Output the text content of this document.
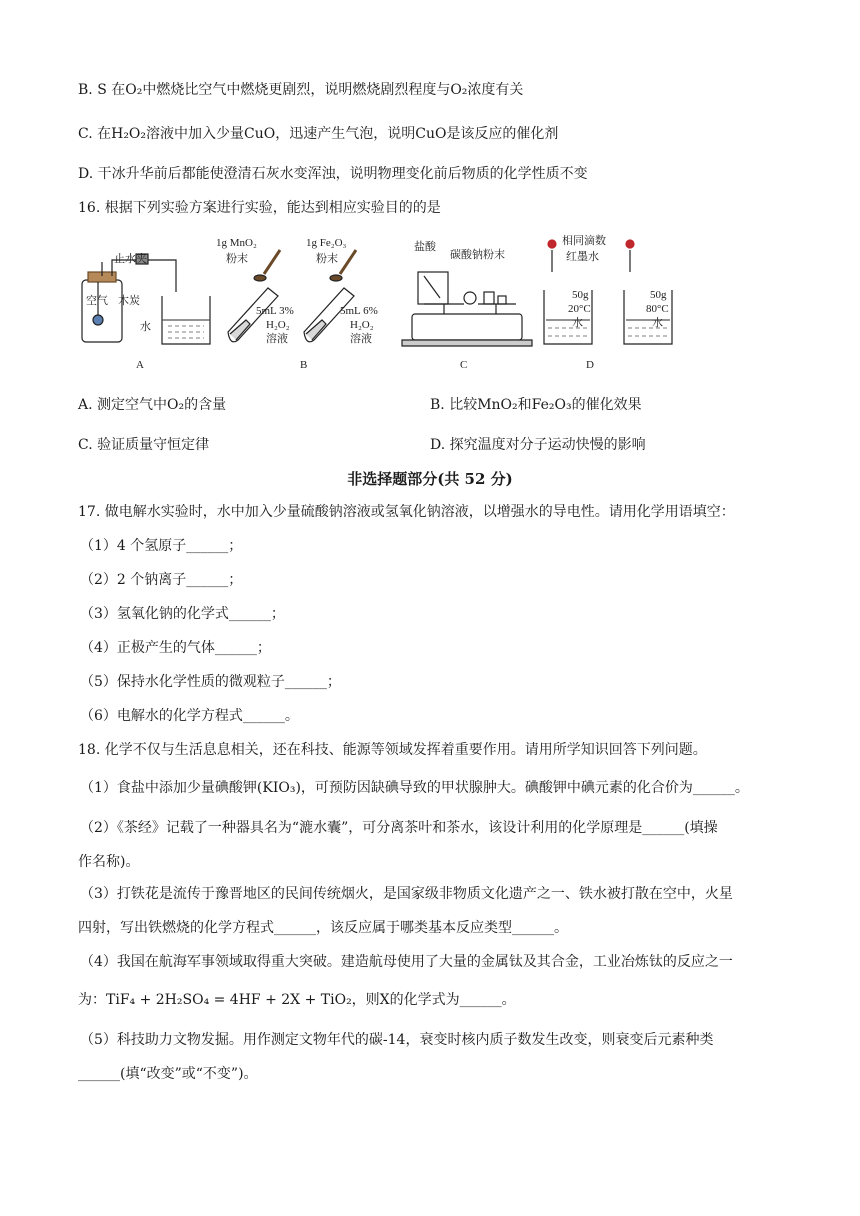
B. S 在O₂中燃烧比空气中燃烧更剧烈，说明燃烧剧烈程度与O₂浓度有关
C. 在H₂O₂溶液中加入少量CuO，迅速产生气泡，说明CuO是该反应的催化剂
D. 干冰升华前后都能使澄清石灰水变浑浊，说明物理变化前后物质的化学性质不变
16. 根据下列实验方案进行实验，能达到相应实验目的的是
止水夹
空气 木炭
水
A
1g MnO₂
粉末
1g Fe₂O₃
粉末
5mL 3%
H₂O₂
溶液
5mL 6%
H₂O₂
溶液
B
盐酸
碳酸钠粉末
C
相同滴数
红墨水
50g
20°C
水
50g
80°C
水
D
A. 测定空气中O₂的含量	B. 比较MnO₂和Fe₂O₃的催化效果
C. 验证质量守恒定律	D. 探究温度对分子运动快慢的影响
非选择题部分(共 52 分)
17. 做电解水实验时，水中加入少量硫酸钠溶液或氢氧化钠溶液，以增强水的导电性。请用化学用语填空：
（1）4 个氢原子______；
（2）2 个钠离子______；
（3）氢氧化钠的化学式______；
（4）正极产生的气体______；
（5）保持水化学性质的微观粒子______；
（6）电解水的化学方程式______。
18. 化学不仅与生活息息相关，还在科技、能源等领域发挥着重要作用。请用所学知识回答下列问题。
（1）食盐中添加少量碘酸钾(KIO₃)，可预防因缺碘导致的甲状腺肿大。碘酸钾中碘元素的化合价为______。
（2）《茶经》记载了一种器具名为“漉水囊”，可分离茶叶和茶水，该设计利用的化学原理是______(填操
作名称)。
（3）打铁花是流传于豫晋地区的民间传统烟火，是国家级非物质文化遗产之一、铁水被打散在空中，火星
四射，写出铁燃烧的化学方程式______，该反应属于哪类基本反应类型______。
（4）我国在航海军事领域取得重大突破。建造航母使用了大量的金属钛及其合金，工业冶炼钛的反应之一
为：TiF₄ + 2H₂SO₄ = 4HF + 2X + TiO₂，则X的化学式为______。
（5）科技助力文物发掘。用作测定文物年代的碳-14，衰变时核内质子数发生改变，则衰变后元素种类
______(填“改变”或“不变”)。
